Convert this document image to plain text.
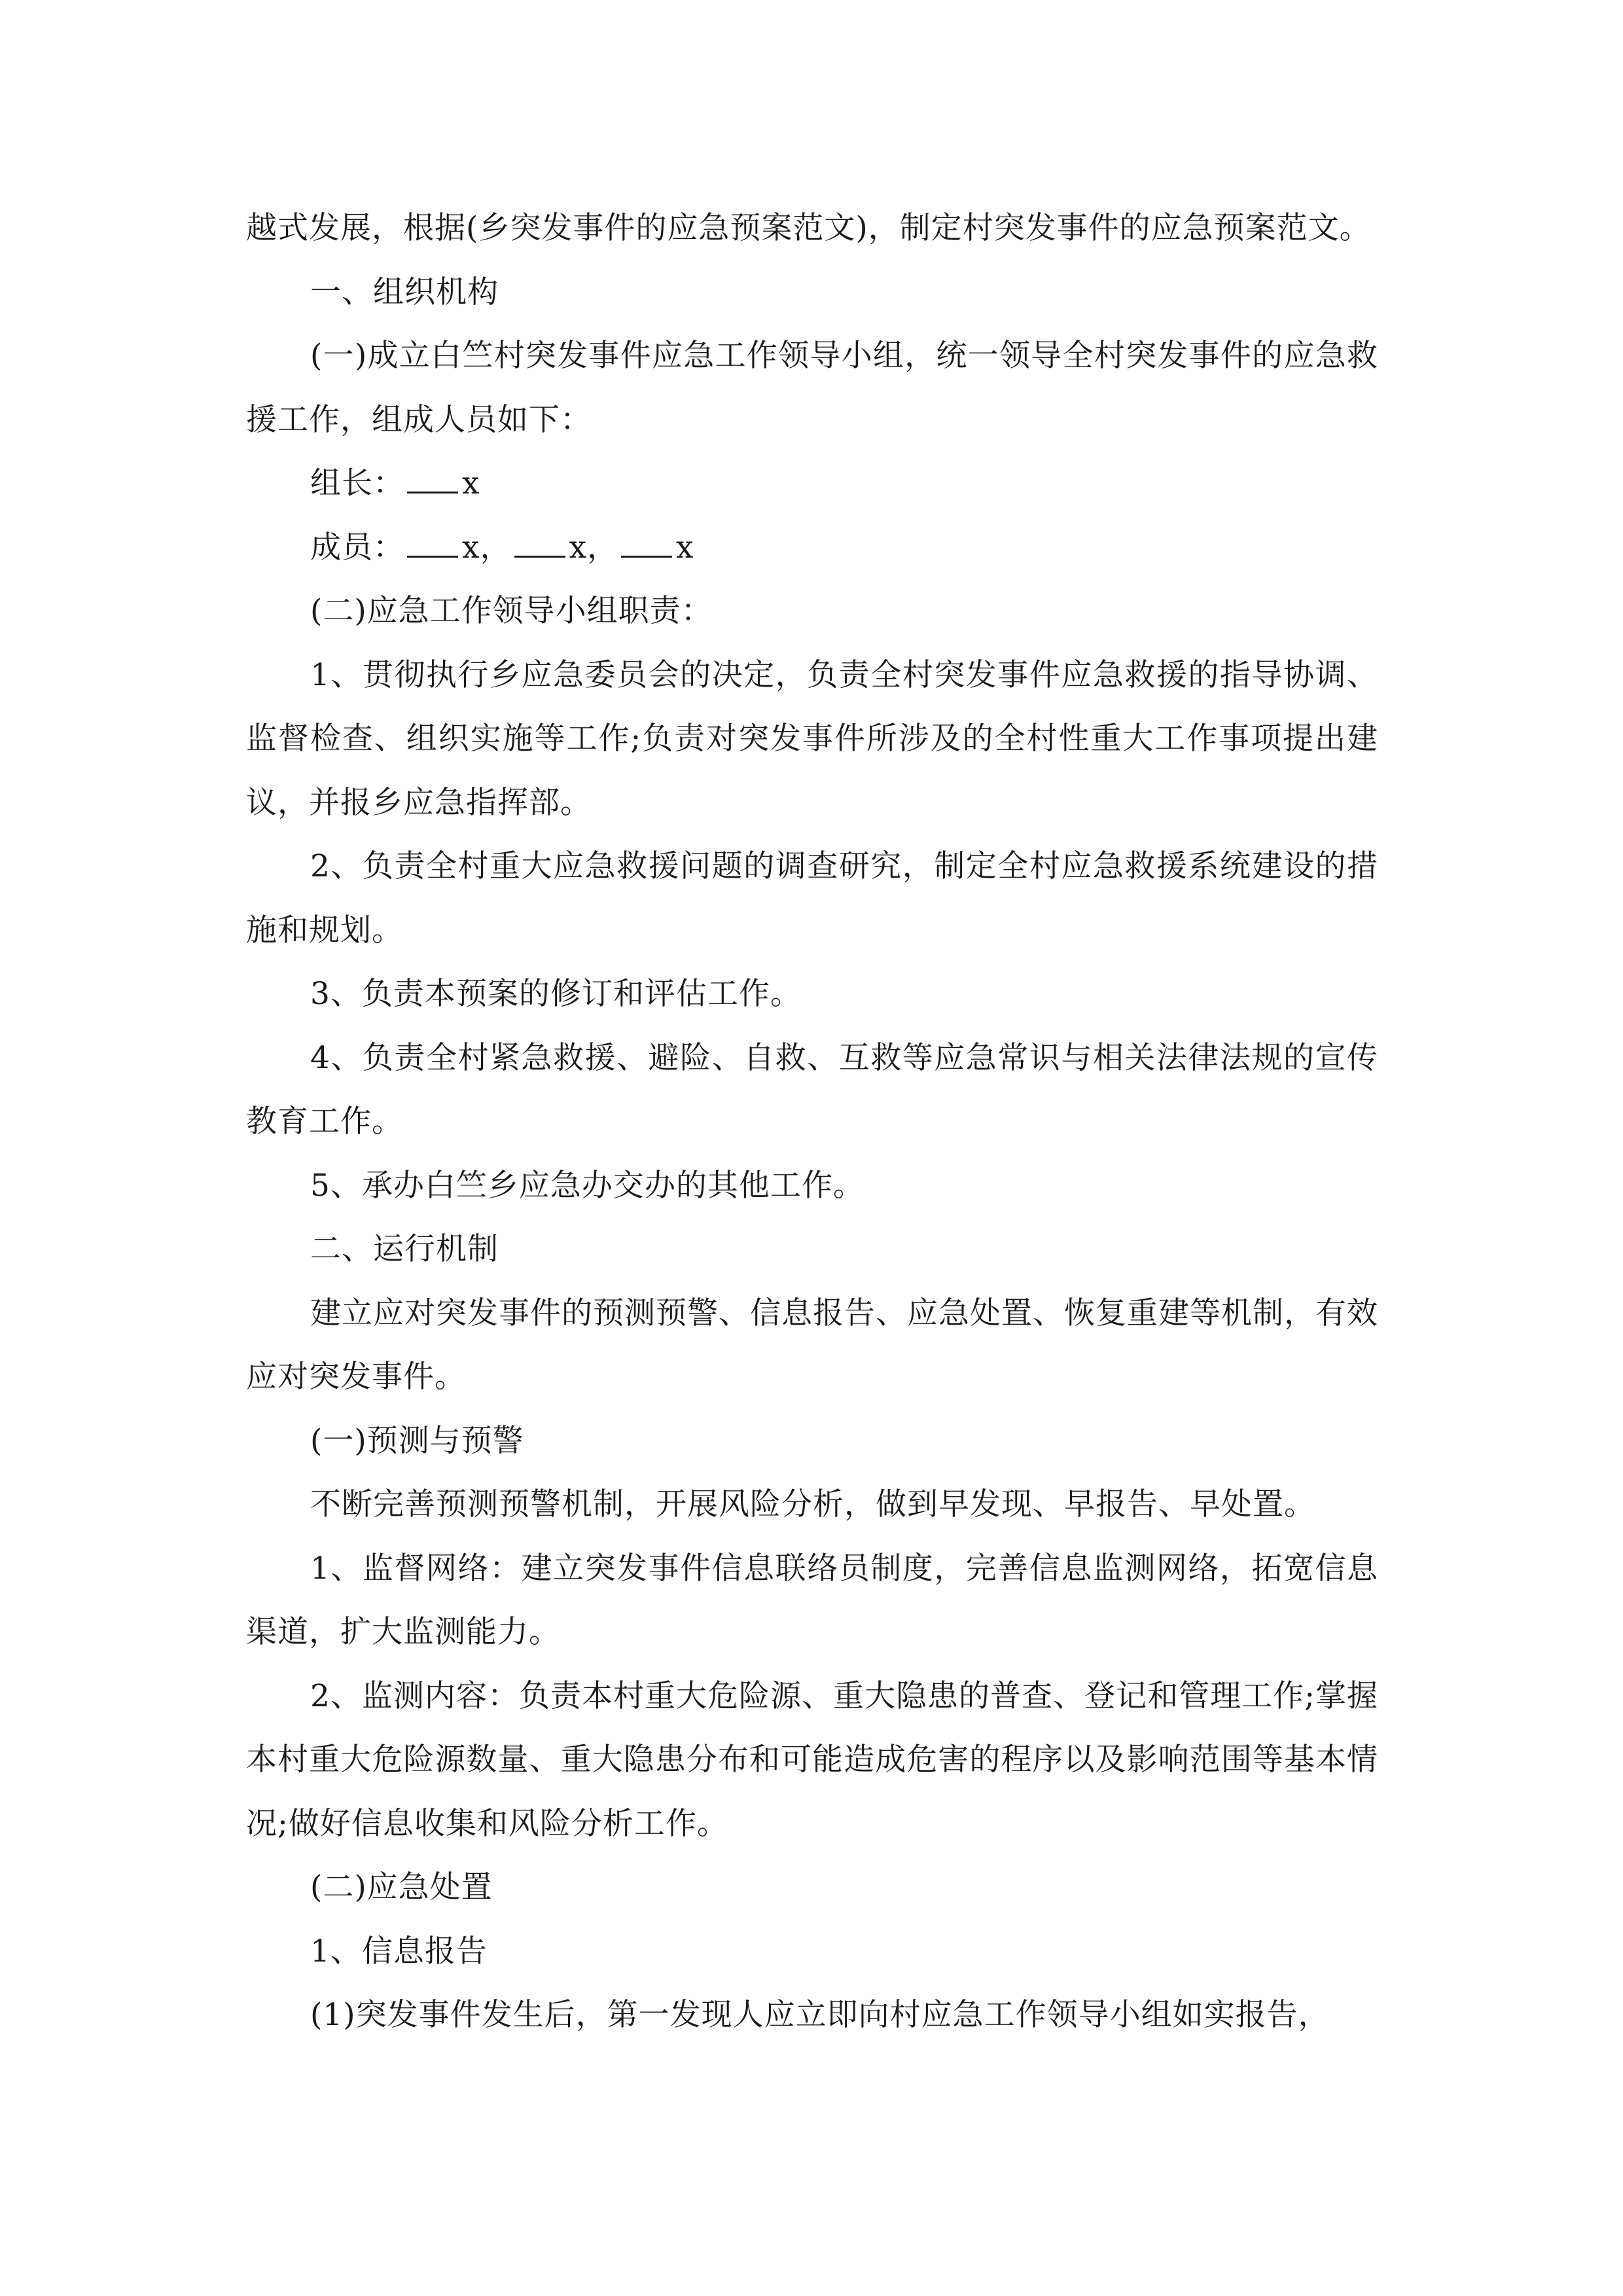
越式发展，根据(乡突发事件的应急预案范文)，制定村突发事件的应急预案范文。

一、组织机构

(一)成立白竺村突发事件应急工作领导小组，统一领导全村突发事件的应急救援工作，组成人员如下：

组长： x

成员： x， x， x

(二)应急工作领导小组职责：

1、贯彻执行乡应急委员会的决定，负责全村突发事件应急救援的指导协调、监督检查、组织实施等工作;负责对突发事件所涉及的全村性重大工作事项提出建议，并报乡应急指挥部。

2、负责全村重大应急救援问题的调查研究，制定全村应急救援系统建设的措施和规划。

3、负责本预案的修订和评估工作。

4、负责全村紧急救援、避险、自救、互救等应急常识与相关法律法规的宣传教育工作。

5、承办白竺乡应急办交办的其他工作。

二、运行机制

建立应对突发事件的预测预警、信息报告、应急处置、恢复重建等机制，有效应对突发事件。

(一)预测与预警

不断完善预测预警机制，开展风险分析，做到早发现、早报告、早处置。

1、监督网络：建立突发事件信息联络员制度，完善信息监测网络，拓宽信息渠道，扩大监测能力。

2、监测内容：负责本村重大危险源、重大隐患的普查、登记和管理工作;掌握本村重大危险源数量、重大隐患分布和可能造成危害的程序以及影响范围等基本情况;做好信息收集和风险分析工作。

(二)应急处置

1、信息报告

(1)突发事件发生后，第一发现人应立即向村应急工作领导小组如实报告，
